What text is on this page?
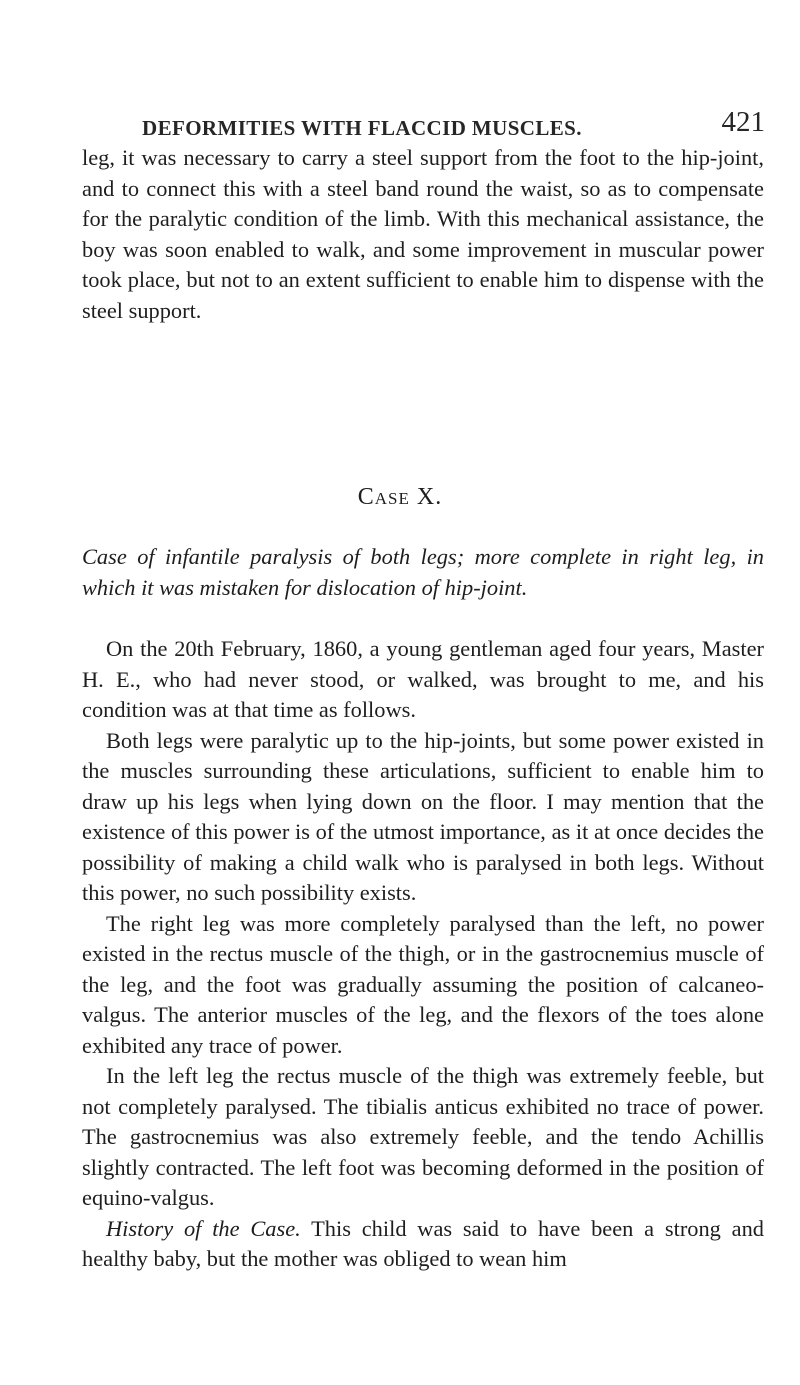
DEFORMITIES WITH FLACCID MUSCLES.	421

leg, it was necessary to carry a steel support from the foot to the hip-joint, and to connect this with a steel band round the waist, so as to compensate for the paralytic condition of the limb. With this mechanical assistance, the boy was soon enabled to walk, and some improvement in muscular power took place, but not to an extent sufficient to enable him to dispense with the steel support.

Case X.
Case of infantile paralysis of both legs; more complete in right leg, in which it was mistaken for dislocation of hip-joint.

On the 20th February, 1860, a young gentleman aged four years, Master H. E., who had never stood, or walked, was brought to me, and his condition was at that time as follows.

Both legs were paralytic up to the hip-joints, but some power existed in the muscles surrounding these articulations, sufficient to enable him to draw up his legs when lying down on the floor. I may mention that the existence of this power is of the utmost importance, as it at once decides the possibility of making a child walk who is paralysed in both legs. Without this power, no such possibility exists.

The right leg was more completely paralysed than the left, no power existed in the rectus muscle of the thigh, or in the gastrocnemius muscle of the leg, and the foot was gradually assuming the position of calcaneo-valgus. The anterior muscles of the leg, and the flexors of the toes alone exhibited any trace of power.

In the left leg the rectus muscle of the thigh was extremely feeble, but not completely paralysed. The tibialis anticus exhibited no trace of power. The gastrocnemius was also extremely feeble, and the tendo Achillis slightly contracted. The left foot was becoming deformed in the position of equino-valgus.

History of the Case. This child was said to have been a strong and healthy baby, but the mother was obliged to wean him
